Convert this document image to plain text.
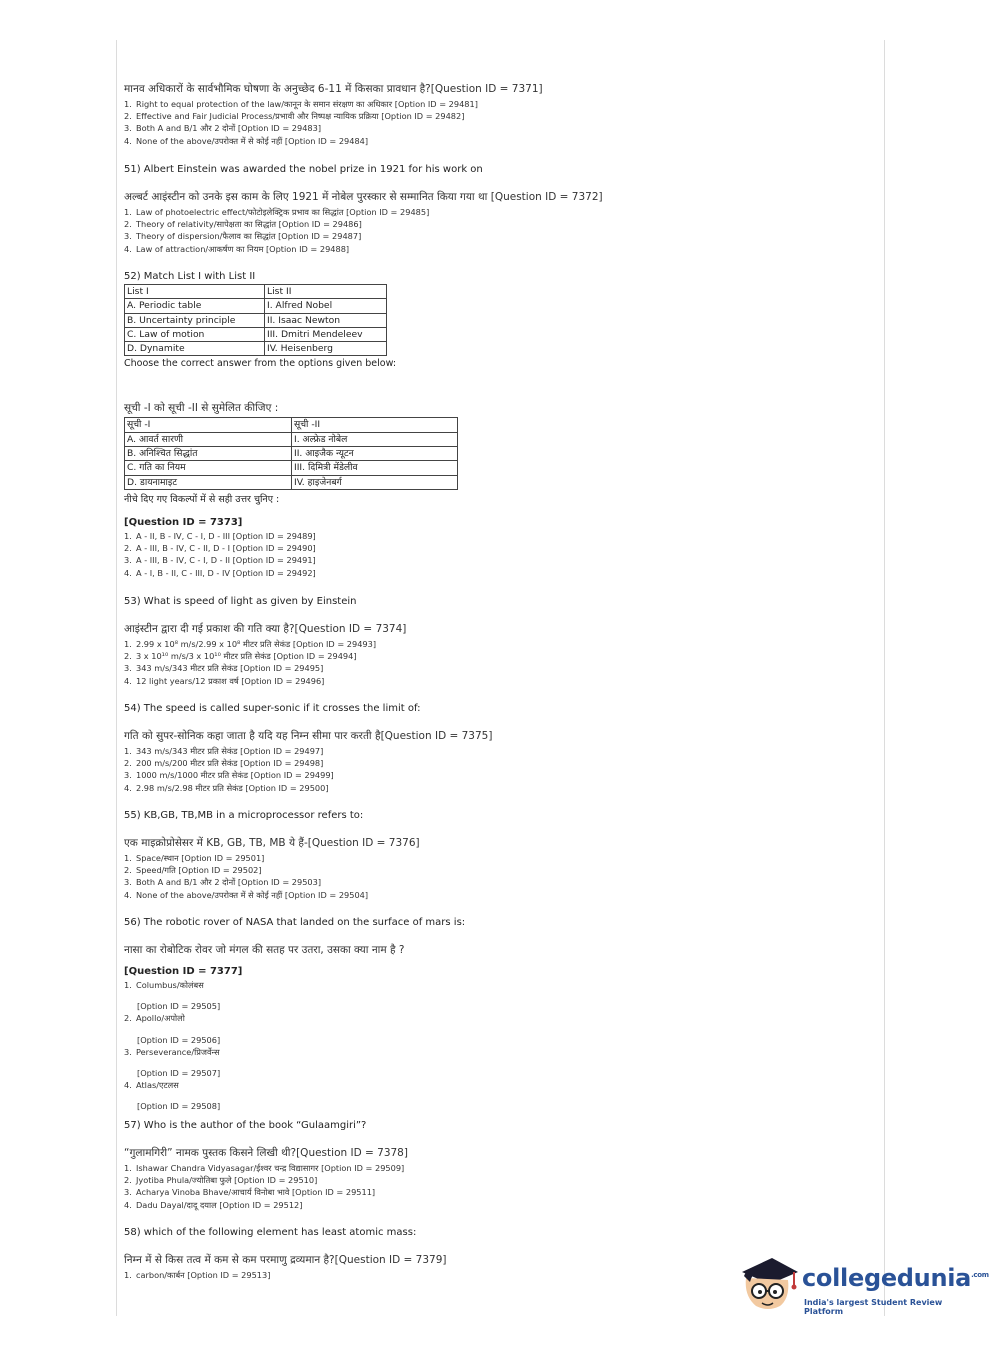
मानव अधिकारों के सार्वभौमिक घोषणा के अनुच्छेद 6-11 में किसका प्रावधान है?[Question ID = 7371]

1. Right to equal protection of the law/कानून के समान संरक्षण का अधिकार [Option ID = 29481]
2. Effective and Fair Judicial Process/प्रभावी और निष्पक्ष न्यायिक प्रक्रिया [Option ID = 29482]
3. Both A and B/1 और 2 दोनों [Option ID = 29483]
4. None of the above/उपरोक्त में से कोई नहीं [Option ID = 29484]

51) Albert Einstein was awarded the nobel prize in 1921 for his work on

अल्बर्ट आइंस्टीन को उनके इस काम के लिए 1921 में नोबेल पुरस्कार से सम्मानित किया गया था [Question ID = 7372]

1. Law of photoelectric effect/फोटोइलेक्ट्रिक प्रभाव का सिद्धांत [Option ID = 29485]
2. Theory of relativity/सापेक्षता का सिद्धांत [Option ID = 29486]
3. Theory of dispersion/फैलाव का सिद्धांत [Option ID = 29487]
4. Law of attraction/आकर्षण का नियम [Option ID = 29488]

52) Match List I with List II

List I	List II
A. Periodic table	I. Alfred Nobel
B. Uncertainty principle	II. Isaac Newton
C. Law of motion	III. Dmitri Mendeleev
D. Dynamite	IV. Heisenberg

Choose the correct answer from the options given below:

सूची -I को सूची -II से सुमेलित कीजिए :

सूची -I	सूची -II
A. आवर्त सारणी	I. अल्फ्रेड नोबेल
B. अनिश्चित सिद्धांत	II. आइजैक न्यूटन
C. गति का नियम	III. दिमित्री मेंडेलीव
D. डायनामाइट	IV. हाइजेनबर्ग

नीचे दिए गए विकल्पों में से सही उत्तर चुनिए :

[Question ID = 7373]

1. A - II, B - IV, C - I, D - III [Option ID = 29489]
2. A - III, B - IV, C - II, D - I [Option ID = 29490]
3. A - III, B - IV, C - I, D - II [Option ID = 29491]
4. A - I, B - II, C - III, D - IV [Option ID = 29492]

53) What is speed of light as given by Einstein

आइंस्टीन द्वारा दी गई प्रकाश की गति क्या है?[Question ID = 7374]

1. 2.99 x 10⁸ m/s/2.99 x 10⁸ मीटर प्रति सेकंड [Option ID = 29493]
2. 3 x 10¹⁰ m/s/3 x 10¹⁰ मीटर प्रति सेकंड [Option ID = 29494]
3. 343 m/s/343 मीटर प्रति सेकंड [Option ID = 29495]
4. 12 light years/12 प्रकाश वर्ष [Option ID = 29496]

54) The speed is called super-sonic if it crosses the limit of:

गति को सुपर-सोनिक कहा जाता है यदि यह निम्न सीमा पार करती है[Question ID = 7375]

1. 343 m/s/343 मीटर प्रति सेकंड [Option ID = 29497]
2. 200 m/s/200 मीटर प्रति सेकंड [Option ID = 29498]
3. 1000 m/s/1000 मीटर प्रति सेकंड [Option ID = 29499]
4. 2.98 m/s/2.98 मीटर प्रति सेकंड [Option ID = 29500]

55) KB,GB, TB,MB in a microprocessor refers to:

एक माइक्रोप्रोसेसर में KB, GB, TB, MB ये हैं-[Question ID = 7376]

1. Space/स्थान [Option ID = 29501]
2. Speed/गति [Option ID = 29502]
3. Both A and B/1 और 2 दोनों [Option ID = 29503]
4. None of the above/उपरोक्त में से कोई नहीं [Option ID = 29504]

56) The robotic rover of NASA that landed on the surface of mars is:

नासा का रोबोटिक रोवर जो मंगल की सतह पर उतरा, उसका क्या नाम है ?

[Question ID = 7377]

1. Columbus/कोलंबस
[Option ID = 29505]
2. Apollo/अपोलो
[Option ID = 29506]
3. Perseverance/प्रिजर्वेन्स
[Option ID = 29507]
4. Atlas/एटलस
[Option ID = 29508]

57) Who is the author of the book “Gulaamgiri”?

“गुलामगिरी” नामक पुस्तक किसने लिखी थी?[Question ID = 7378]

1. Ishawar Chandra Vidyasagar/ईश्वर चन्द्र विद्यासागर [Option ID = 29509]
2. Jyotiba Phula/ज्योतिबा फुले [Option ID = 29510]
3. Acharya Vinoba Bhave/आचार्य विनोबा भावे [Option ID = 29511]
4. Dadu Dayal/दादू दयाल [Option ID = 29512]

58) which of the following element has least atomic mass:

निम्न में से किस तत्व में कम से कम परमाणु द्रव्यमान है?[Question ID = 7379]

1. carbon/कार्बन [Option ID = 29513]	collegedunia$^{.com}$
India's largest Student Review Platform
